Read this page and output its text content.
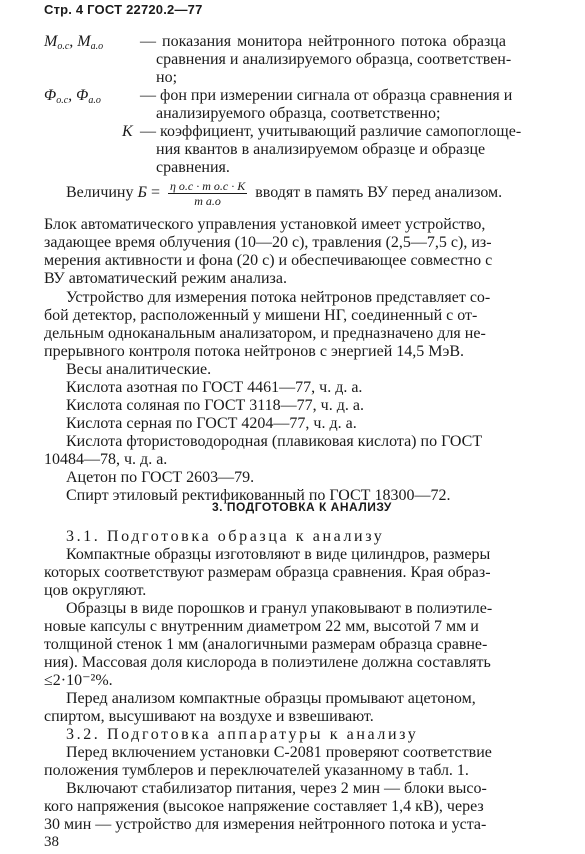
Стр. 4 ГОСТ 22720.2—77
$M_{о.с}$, $M_{а.о}$ — показания монитора нейтронного потока образца
сравнения и анализируемого образца, соответствен-
но;
$\Phi_{о.с}$, $\Phi_{а.о}$ — фон при измерении сигнала от образца сравнения и
анализируемого образца, соответственно;
K — коэффициент, учитывающий различие самопоглоще-
ния квантов в анализируемом образце и образце
сравнения.
Величину $Б = \frac{\text{η о.с · m о.с · K}}{\text{m а.о}}$ вводят в память ВУ перед анализом.
Блок автоматического управления установкой имеет устройство,
задающее время облучения (10—20 с), травления (2,5—7,5 с), из-
мерения активности и фона (20 с) и обеспечивающее совместно с
ВУ автоматический режим анализа.
Устройство для измерения потока нейтронов представляет со-
бой детектор, расположенный у мишени НГ, соединенный с от-
дельным одноканальным анализатором, и предназначено для не-
прерывного контроля потока нейтронов с энергией 14,5 МэВ.
Весы аналитические.
Кислота азотная по ГОСТ 4461—77, ч. д. а.
Кислота соляная по ГОСТ 3118—77, ч. д. а.
Кислота серная по ГОСТ 4204—77, ч. д. а.
Кислота фтористоводородная (плавиковая кислота) по ГОСТ
10484—78, ч. д. а.
Ацетон по ГОСТ 2603—79.
Спирт этиловый ректификованный по ГОСТ 18300—72.
3. ПОДГОТОВКА К АНАЛИЗУ
3.1. Подготовка образца к анализу
Компактные образцы изготовляют в виде цилиндров, размеры
которых соответствуют размерам образца сравнения. Края образ-
цов округляют.
Образцы в виде порошков и гранул упаковывают в полиэтиле-
новые капсулы с внутренним диаметром 22 мм, высотой 7 мм и
толщиной стенок 1 мм (аналогичными размерам образца сравне-
ния). Массовая доля кислорода в полиэтилене должна составлять
≤2·10⁻²%.
Перед анализом компактные образцы промывают ацетоном,
спиртом, высушивают на воздухе и взвешивают.
3.2. Подготовка аппаратуры к анализу
Перед включением установки С-2081 проверяют соответствие
положения тумблеров и переключателей указанному в табл. 1.
Включают стабилизатор питания, через 2 мин — блоки высо-
кого напряжения (высокое напряжение составляет 1,4 кВ), через
30 мин — устройство для измерения нейтронного потока и уста-
38
